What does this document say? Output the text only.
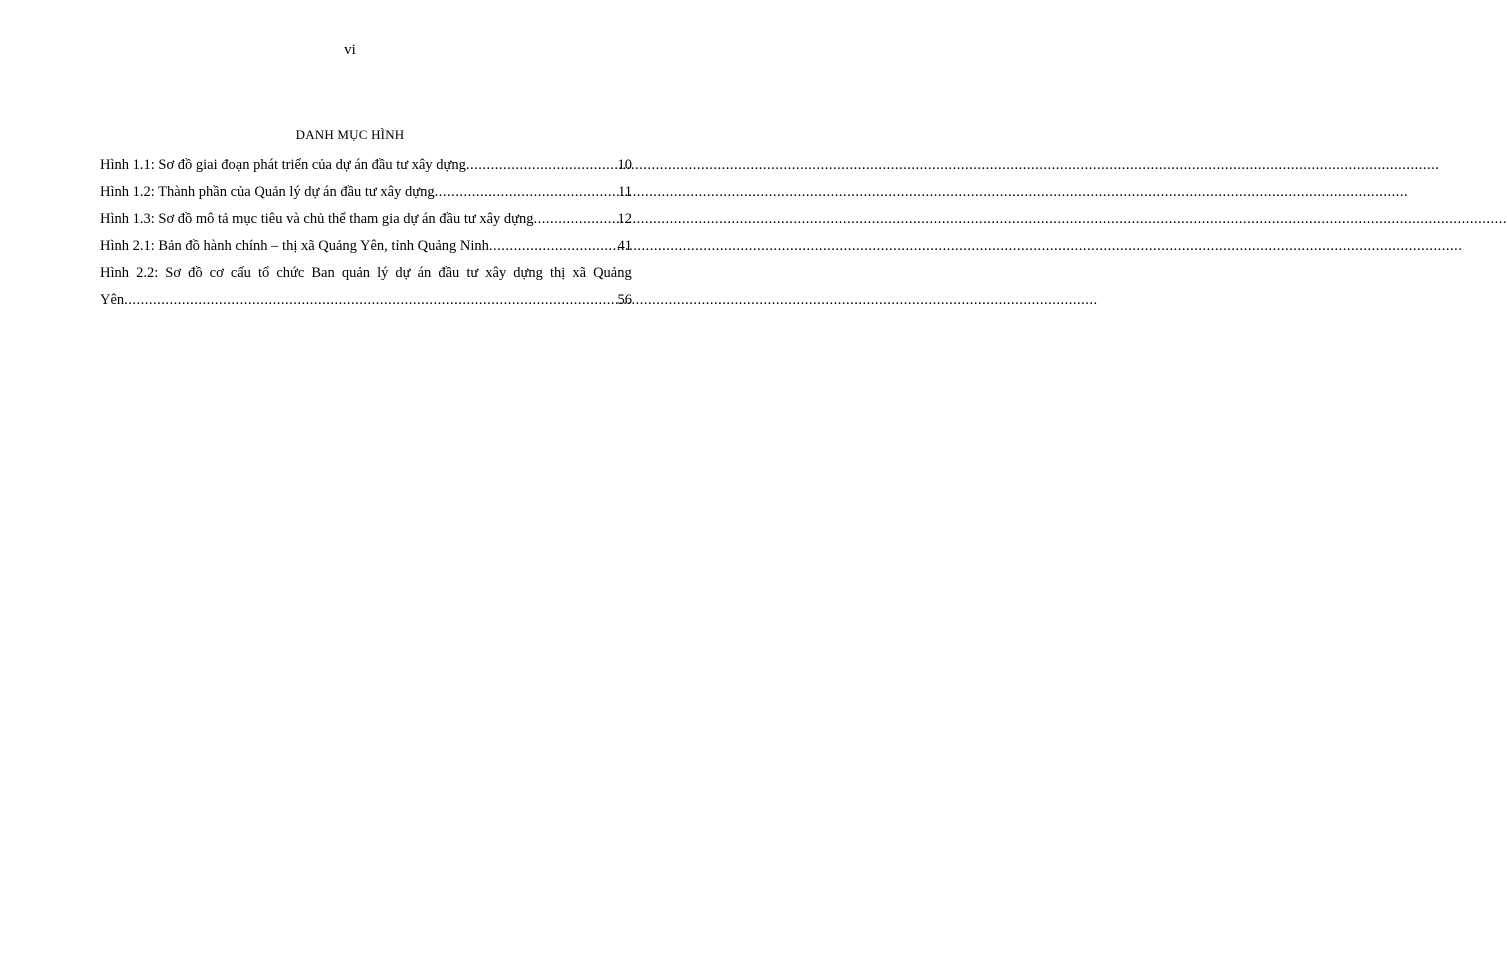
vi
DANH MỤC HÌNH
Hình 1.1: Sơ đồ giai đoạn phát triển của dự án đầu tư xây dựng .....	10
Hình 1.2: Thành phần của Quản lý dự án đầu tư xây dựng .....	11
Hình 1.3: Sơ đồ mô tả mục tiêu và chủ thể tham gia dự án đầu tư xây dựng .....	12
Hình 2.1: Bản đồ hành chính – thị xã Quảng Yên, tỉnh Quảng Ninh .....	41
Hình 2.2: Sơ đồ cơ cấu tổ chức Ban quản lý dự án đầu tư xây dựng thị xã Quảng
Yên .....	56
